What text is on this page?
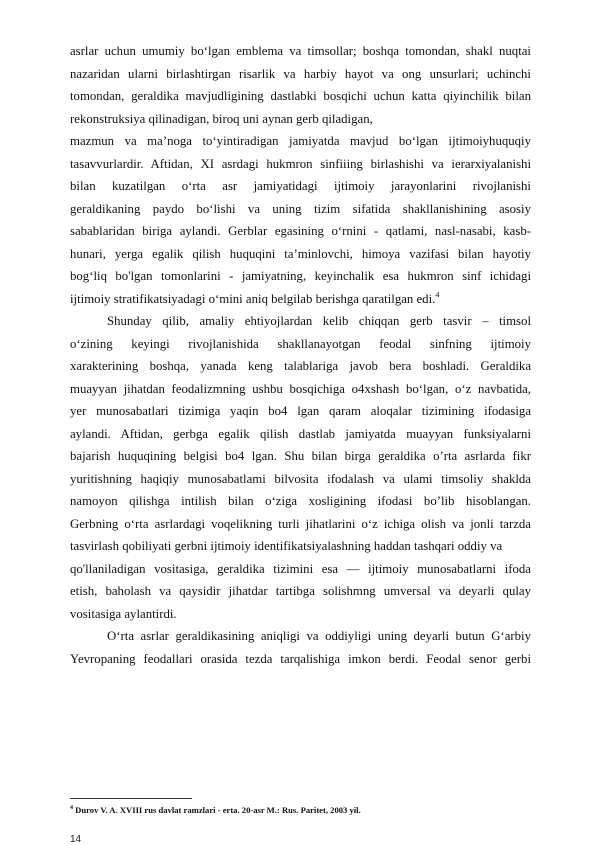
asrlar uchun umumiy bo‘lgan emblema va timsollar; boshqa tomondan, shakl nuqtai
nazaridan ularni birlashtirgan risarlik va harbiy hayot va ong unsurlari; uchinchi
tomondan, geraldika mavjudligining dastlabki bosqichi uchun katta qiyinchilik bilan
rekonstruksiya qilinadigan, biroq uni aynan gerb qiladigan,
mazmun va ma’noga to‘yintiradigan jamiyatda mavjud bo‘lgan ijtimoiyhuquqiy
tasavvurlardir. Aftidan, XI asrdagi hukmron sinfiiing birlashishi va ierarxiyalanishi
bilan kuzatilgan o‘rta asr jamiyatidagi ijtimoiy jarayonlarini rivojlanishi
geraldikaning paydo bo‘lishi va uning tizim sifatida shakllanishining asosiy
sabablaridan biriga aylandi. Gerblar egasining o‘rnini - qatlami, nasl-nasabi, kasb-
hunari, yerga egalik qilish huquqini ta’minlovchi, himoya vazifasi bilan hayotiy
bog‘liq bo'lgan tomonlarini - jamiyatning, keyinchalik esa hukmron sinf ichidagi
ijtimoiy stratifikatsiyadagi o‘mini aniq belgilab berishga qaratilgan edi.$^4$
Shunday qilib, amaliy ehtiyojlardan kelib chiqqan gerb tasvir – timsol
o‘zining keyingi rivojlanishida shakllanayotgan feodal sinfning ijtimoiy
xarakterining boshqa, yanada keng talablariga javob bera boshladi. Geraldika
muayyan jihatdan feodalizmning ushbu bosqichiga o4xshash bo‘lgan, o‘z navbatida,
yer munosabatlari tizimiga yaqin bo4 lgan qaram aloqalar tizimining ifodasiga
aylandi. Aftidan, gerbga egalik qilish dastlab jamiyatda muayyan funksiyalarni
bajarish huquqining belgisi bo4 lgan. Shu bilan birga geraldika o’rta asrlarda fikr
yuritishning haqiqiy munosabatlami bilvosita ifodalash va ulami timsoliy shaklda
namoyon qilishga intilish bilan o‘ziga xosligining ifodasi bo’lib hisoblangan.
Gerbning o‘rta asrlardagi voqelikning turli jihatlarini o‘z ichiga olish va jonli tarzda
tasvirlash qobiliyati gerbni ijtimoiy identifikatsiyalashning haddan tashqari oddiy va
qo'llaniladigan vositasiga, geraldika tizimini esa — ijtimoiy munosabatlarni ifoda
etish, baholash va qaysidir jihatdar tartibga solishmng umversal va deyarli qulay
vositasiga aylantirdi.
O‘rta asrlar geraldikasining aniqligi va oddiyligi uning deyarli butun G‘arbiy
Yevropaning feodallari orasida tezda tarqalishiga imkon berdi. Feodal senor gerbi
$^4$ Durov V. A. XVIII rus davlat ramzlari - erta. 20-asr M.: Rus. Paritet, 2003 yil.
14
